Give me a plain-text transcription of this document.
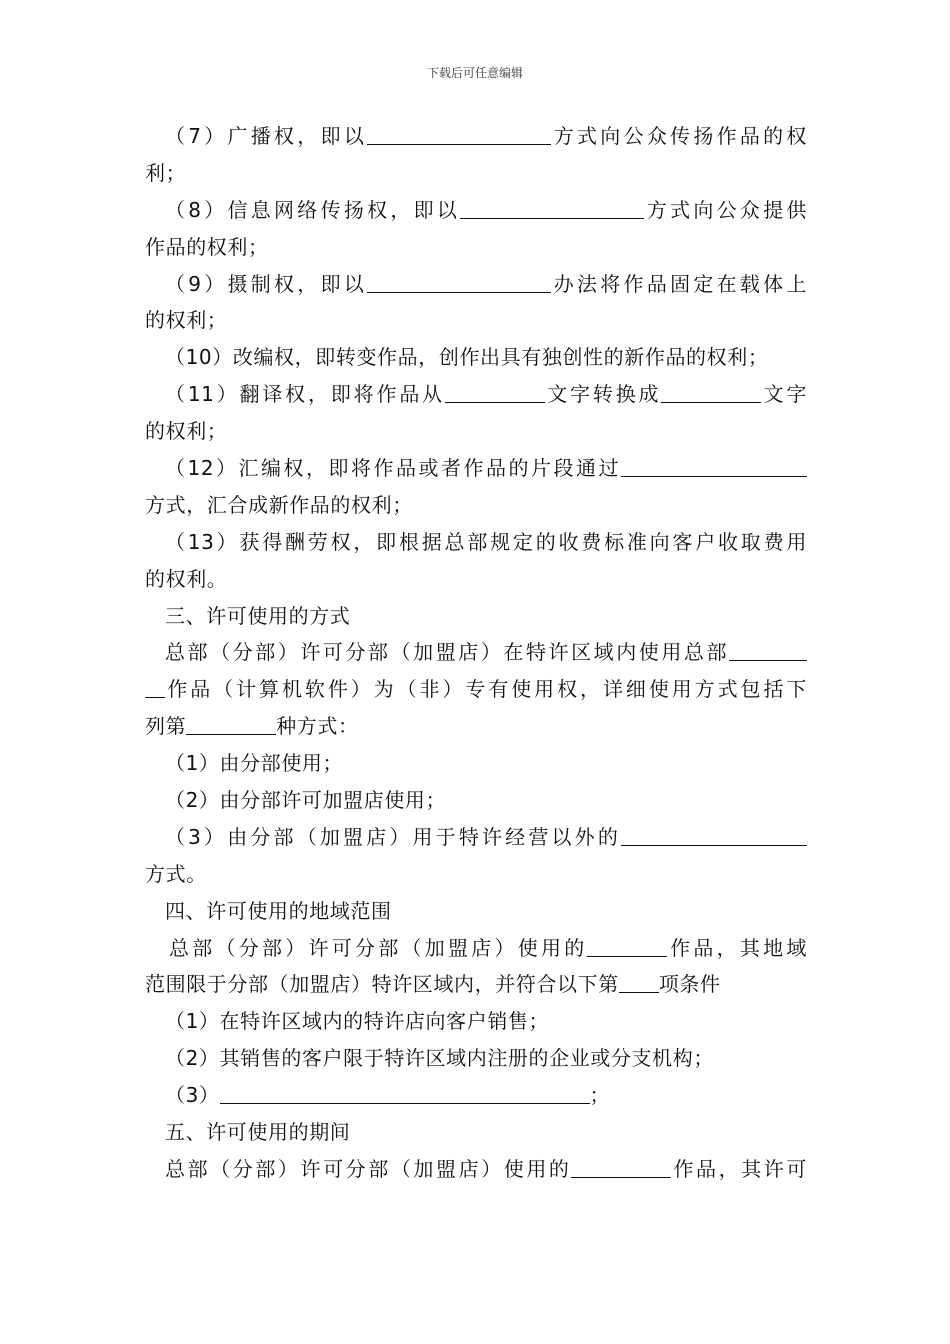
下载后可任意编辑
（7）广播权，即以	方式向公众传扬作品的权
利；
（8）信息网络传扬权，即以	方式向公众提供
作品的权利；
（9）摄制权，即以	办法将作品固定在载体上
的权利；
（10）改编权，即转变作品，创作出具有独创性的新作品的权利；
（11）翻译权，即将作品从	文字转换成	文字
的权利；
（12）汇编权，即将作品或者作品的片段通过
方式，汇合成新作品的权利；
（13）获得酬劳权，即根据总部规定的收费标准向客户收取费用
的权利。
三、许可使用的方式
总部（分部）许可分部（加盟店）在特许区域内使用总部
作品（计算机软件）为（非）专有使用权，详细使用方式包括下
列第	种方式：
（1）由分部使用；
（2）由分部许可加盟店使用；
（3）由分部（加盟店）用于特许经营以外的
方式。
四、许可使用的地域范围
总部（分部）许可分部（加盟店）使用的	作品，其地域
范围限于分部（加盟店）特许区域内，并符合以下第 项条件
（1）在特许区域内的特许店向客户销售；
（2）其销售的客户限于特许区域内注册的企业或分支机构；
（3）	；
五、许可使用的期间
总部（分部）许可分部（加盟店）使用的	作品，其许可
